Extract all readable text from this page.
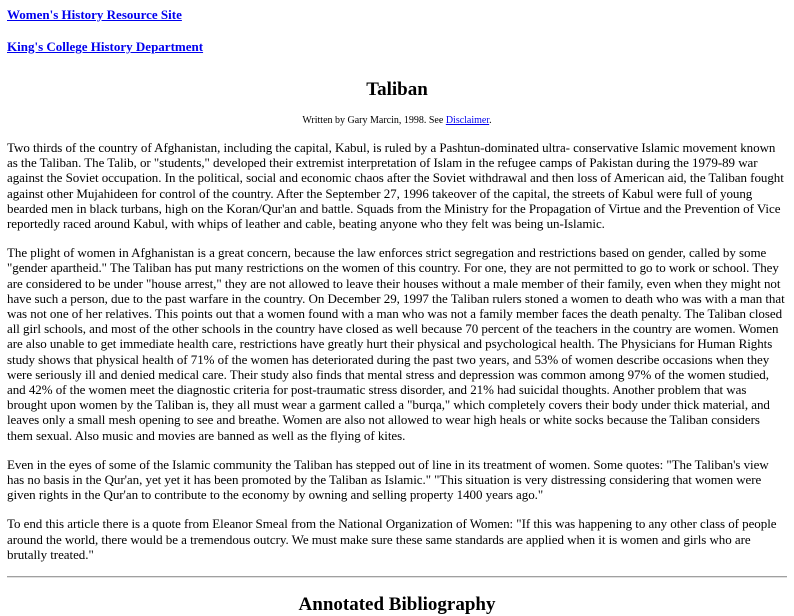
Women's History Resource Site
King's College History Department
Taliban
Written by Gary Marcin, 1998. See Disclaimer.

Two thirds of the country of Afghanistan, including the capital, Kabul, is ruled by a Pashtun-dominated ultra- conservative Islamic movement known as the Taliban. The Talib, or "students," developed their extremist interpretation of Islam in the refugee camps of Pakistan during the 1979-89 war against the Soviet occupation. In the political, social and economic chaos after the Soviet withdrawal and then loss of American aid, the Taliban fought against other Mujahideen for control of the country. After the September 27, 1996 takeover of the capital, the streets of Kabul were full of young bearded men in black turbans, high on the Koran/Qur'an and battle. Squads from the Ministry for the Propagation of Virtue and the Prevention of Vice reportedly raced around Kabul, with whips of leather and cable, beating anyone who they felt was being un-Islamic.

The plight of women in Afghanistan is a great concern, because the law enforces strict segregation and restrictions based on gender, called by some "gender apartheid." The Taliban has put many restrictions on the women of this country. For one, they are not permitted to go to work or school. They are considered to be under "house arrest," they are not allowed to leave their houses without a male member of their family, even when they might not have such a person, due to the past warfare in the country. On December 29, 1997 the Taliban rulers stoned a women to death who was with a man that was not one of her relatives. This points out that a women found with a man who was not a family member faces the death penalty. The Taliban closed all girl schools, and most of the other schools in the country have closed as well because 70 percent of the teachers in the country are women. Women are also unable to get immediate health care, restrictions have greatly hurt their physical and psychological health. The Physicians for Human Rights study shows that physical health of 71% of the women has deteriorated during the past two years, and 53% of women describe occasions when they were seriously ill and denied medical care. Their study also finds that mental stress and depression was common among 97% of the women studied, and 42% of the women meet the diagnostic criteria for post-traumatic stress disorder, and 21% had suicidal thoughts. Another problem that was brought upon women by the Taliban is, they all must wear a garment called a "burqa," which completely covers their body under thick material, and leaves only a small mesh opening to see and breathe. Women are also not allowed to wear high heals or white socks because the Taliban considers them sexual. Also music and movies are banned as well as the flying of kites.

Even in the eyes of some of the Islamic community the Taliban has stepped out of line in its treatment of women. Some quotes: "The Taliban's view has no basis in the Qur'an, yet yet it has been promoted by the Taliban as Islamic." "This situation is very distressing considering that women were given rights in the Qur'an to contribute to the economy by owning and selling property 1400 years ago."

To end this article there is a quote from Eleanor Smeal from the National Organization of Women: "If this was happening to any other class of people around the world, there would be a tremendous outcry. We must make sure these same standards are applied when it is women and girls who are brutally treated."

Annotated Bibliography
